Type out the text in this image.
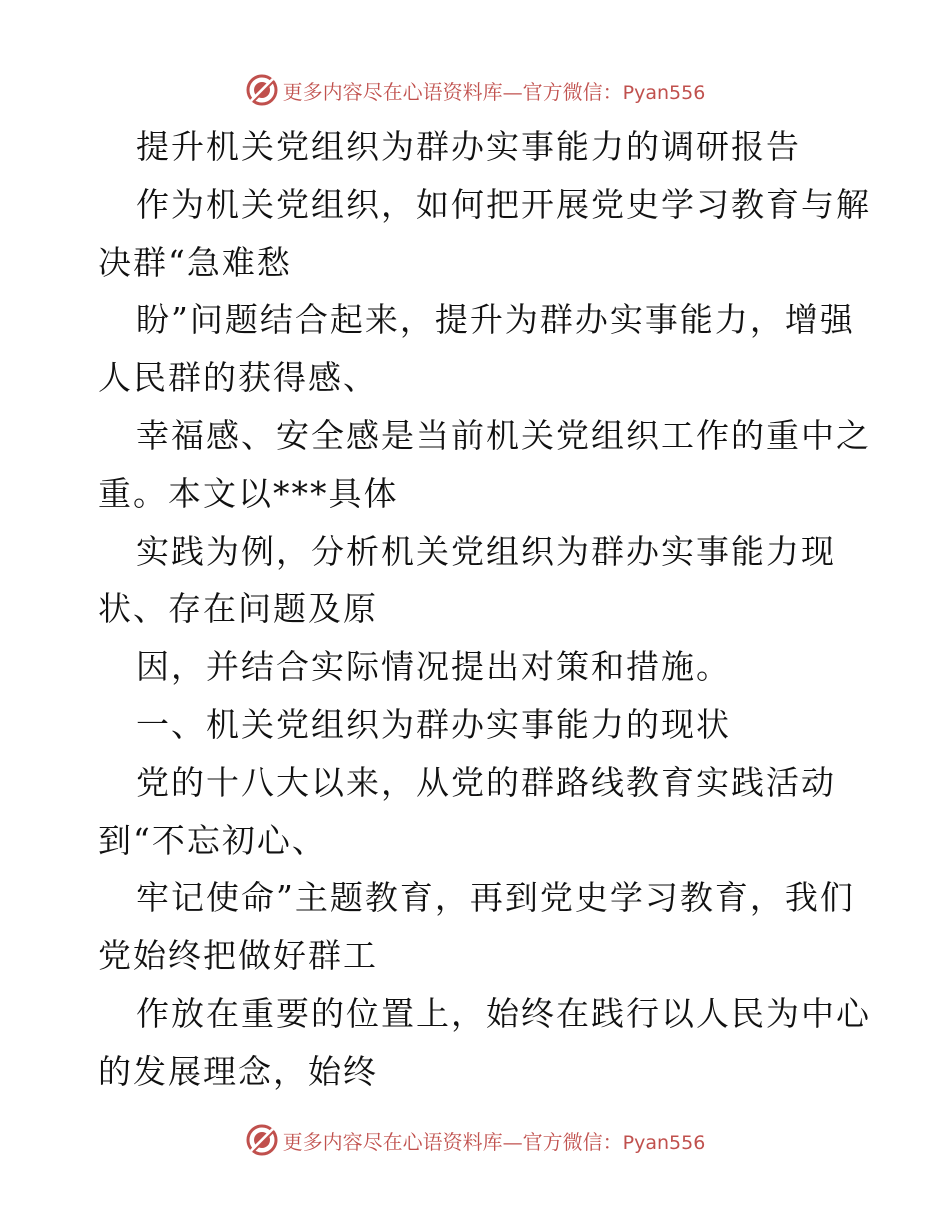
更多内容尽在心语资料库—官方微信：Pyan556
提升机关党组织为群办实事能力的调研报告
作为机关党组织，如何把开展党史学习教育与解
决群“急难愁
盼”问题结合起来，提升为群办实事能力，增强
人民群的获得感、
幸福感、安全感是当前机关党组织工作的重中之
重。本文以***具体
实践为例，分析机关党组织为群办实事能力现
状、存在问题及原
因，并结合实际情况提出对策和措施。
一、机关党组织为群办实事能力的现状
党的十八大以来，从党的群路线教育实践活动
到“不忘初心、
牢记使命”主题教育，再到党史学习教育，我们
党始终把做好群工
作放在重要的位置上，始终在践行以人民为中心
的发展理念，始终
更多内容尽在心语资料库—官方微信：Pyan556
